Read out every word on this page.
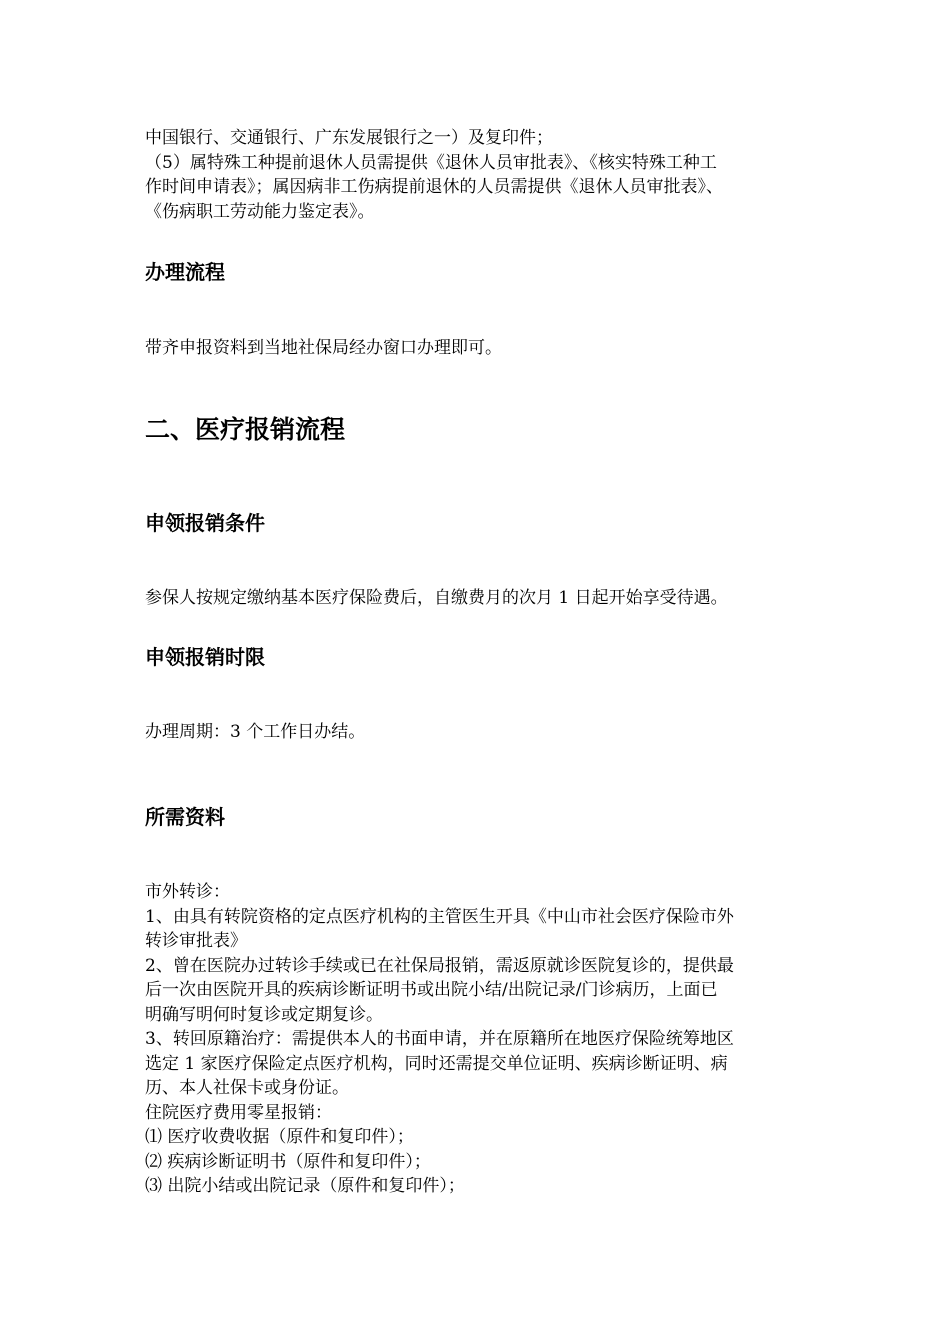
中国银行、交通银行、广东发展银行之一）及复印件；
（5）属特殊工种提前退休人员需提供《退休人员审批表》、《核实特殊工种工
作时间申请表》；属因病非工伤病提前退休的人员需提供《退休人员审批表》、
《伤病职工劳动能力鉴定表》。
办理流程

带齐申报资料到当地社保局经办窗口办理即可。

二、医疗报销流程
申领报销条件

参保人按规定缴纳基本医疗保险费后，自缴费月的次月 1 日起开始享受待遇。

申领报销时限

办理周期：3 个工作日办结。

所需资料
市外转诊：
1、由具有转院资格的定点医疗机构的主管医生开具《中山市社会医疗保险市外
转诊审批表》
2、曾在医院办过转诊手续或已在社保局报销，需返原就诊医院复诊的，提供最
后一次由医院开具的疾病诊断证明书或出院小结/出院记录/门诊病历，上面已
明确写明何时复诊或定期复诊。
3、转回原籍治疗：需提供本人的书面申请，并在原籍所在地医疗保险统筹地区
选定 1 家医疗保险定点医疗机构，同时还需提交单位证明、疾病诊断证明、病
历、本人社保卡或身份证。
住院医疗费用零星报销：
⑴ 医疗收费收据（原件和复印件）；
⑵ 疾病诊断证明书（原件和复印件）；
⑶ 出院小结或出院记录（原件和复印件）；
